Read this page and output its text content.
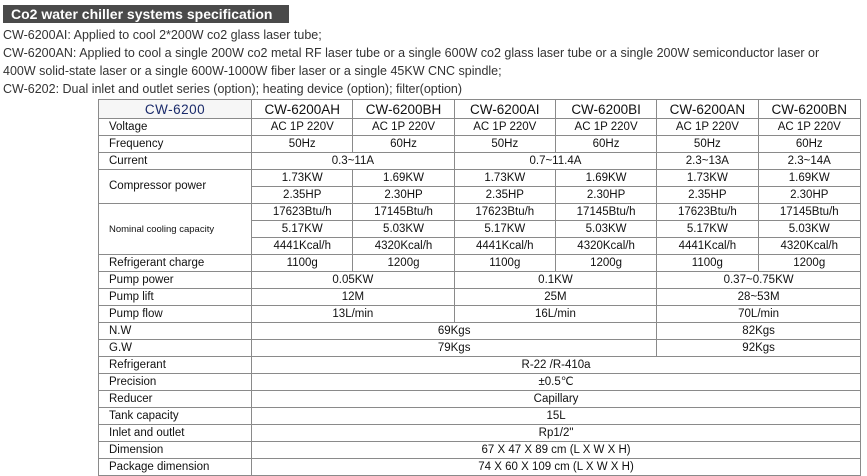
Co2 water chiller systems specification
CW-6200AI: Applied to cool 2*200W co2 glass laser tube;
CW-6200AN: Applied to cool a single 200W co2 metal RF laser tube or a single 600W co2 glass laser tube or a single 200W semiconductor laser or
400W solid-state laser or a single 600W-1000W fiber laser or a single 45KW CNC spindle;
CW-6202: Dual inlet and outlet series (option); heating device (option); filter(option)
CW-6200	CW-6200AH	CW-6200BH	CW-6200AI	CW-6200BI	CW-6200AN	CW-6200BN
Voltage	AC 1P 220V	AC 1P 220V	AC 1P 220V	AC 1P 220V	AC 1P 220V	AC 1P 220V
Frequency	50Hz	60Hz	50Hz	60Hz	50Hz	60Hz
Current	0.3~11A		0.7~11.4A		2.3~13A	2.3~14A
Compressor power	1.73KW	1.69KW	1.73KW	1.69KW	1.73KW	1.69KW
	2.35HP	2.30HP	2.35HP	2.30HP	2.35HP	2.30HP
Nominal cooling capacity	17623Btu/h	17145Btu/h	17623Btu/h	17145Btu/h	17623Btu/h	17145Btu/h
	5.17KW	5.03KW	5.17KW	5.03KW	5.17KW	5.03KW
	4441Kcal/h	4320Kcal/h	4441Kcal/h	4320Kcal/h	4441Kcal/h	4320Kcal/h
Refrigerant charge	1100g	1200g	1100g	1200g	1100g	1200g
Pump power	0.05KW		0.1KW		0.37~0.75KW	
Pump lift	12M		25M		28~53M	
Pump flow	13L/min		16L/min		70L/min	
N.W	69Kgs				82Kgs	
G.W	79Kgs				92Kgs	
Refrigerant	R-22 /R-410a					
Precision	±0.5℃					
Reducer	Capillary					
Tank capacity	15L					
Inlet and outlet	Rp1/2"					
Dimension	67 X 47 X 89 cm (L X W X H)					
Package dimension	74 X 60 X 109 cm (L X W X H)					
